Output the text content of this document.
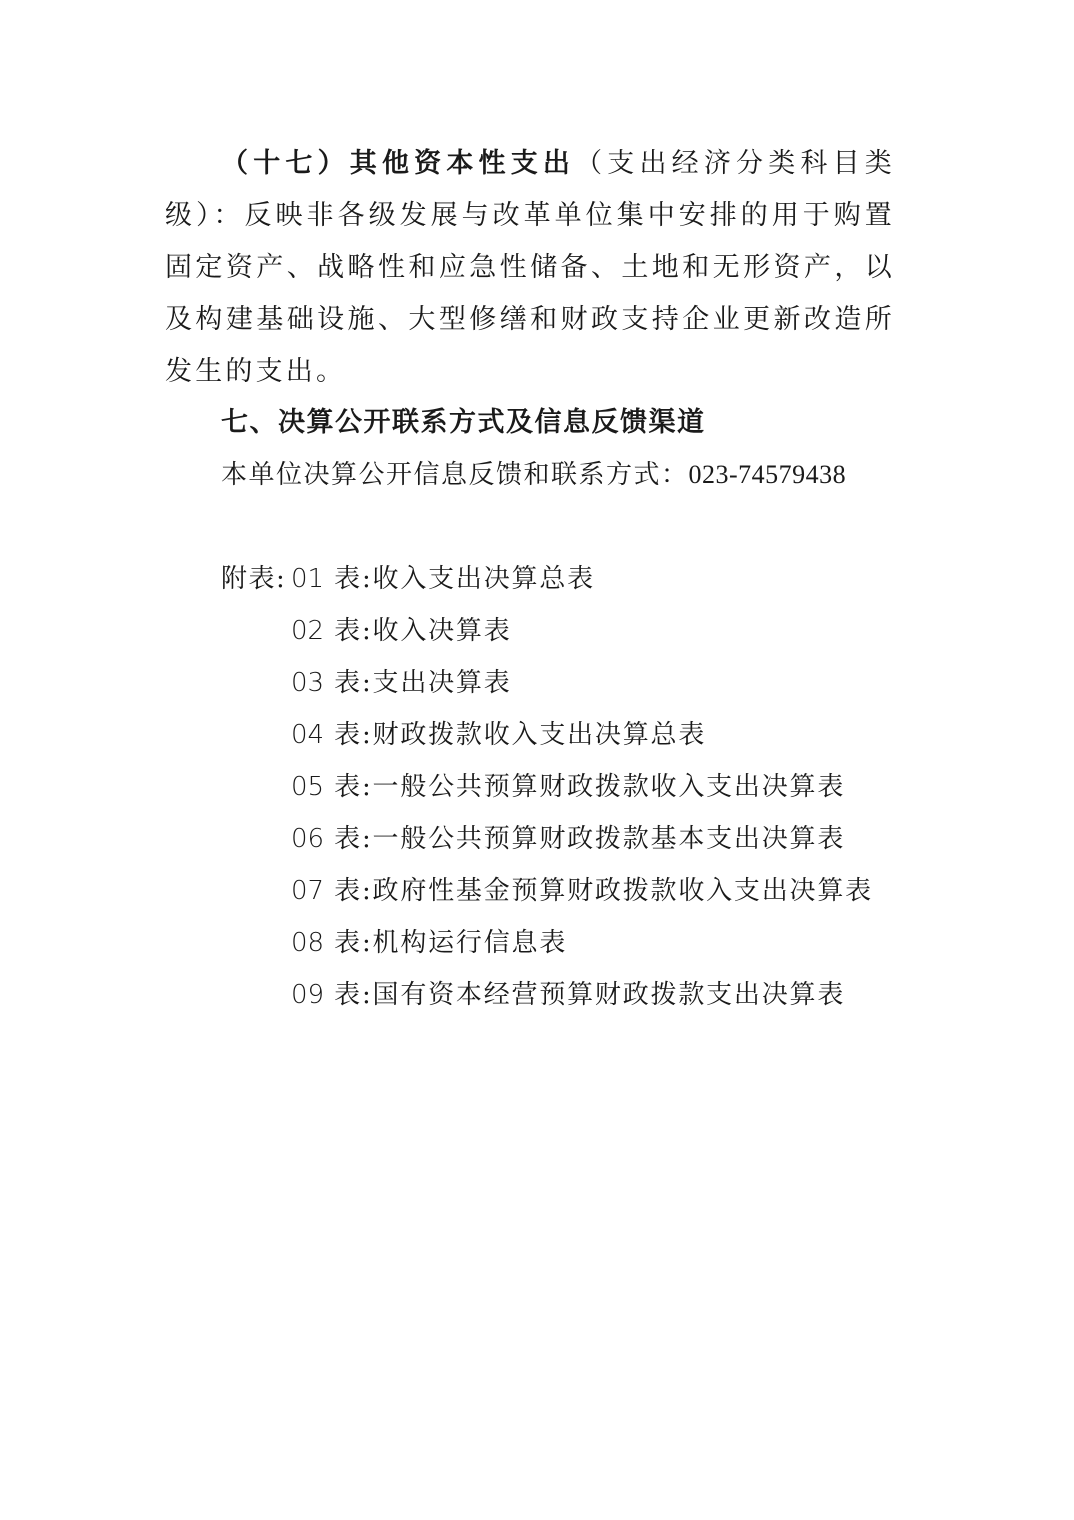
（十七）其他资本性支出（支出经济分类科目类级）：反映非各级发展与改革单位集中安排的用于购置固定资产、战略性和应急性储备、土地和无形资产，以及构建基础设施、大型修缮和财政支持企业更新改造所发生的支出。

七、决算公开联系方式及信息反馈渠道

本单位决算公开信息反馈和联系方式：023-74579438

附表: 01 表:收入支出决算总表
02 表:收入决算表
03 表:支出决算表
04 表:财政拨款收入支出决算总表
05 表:一般公共预算财政拨款收入支出决算表
06 表:一般公共预算财政拨款基本支出决算表
07 表:政府性基金预算财政拨款收入支出决算表
08 表:机构运行信息表
09 表:国有资本经营预算财政拨款支出决算表
